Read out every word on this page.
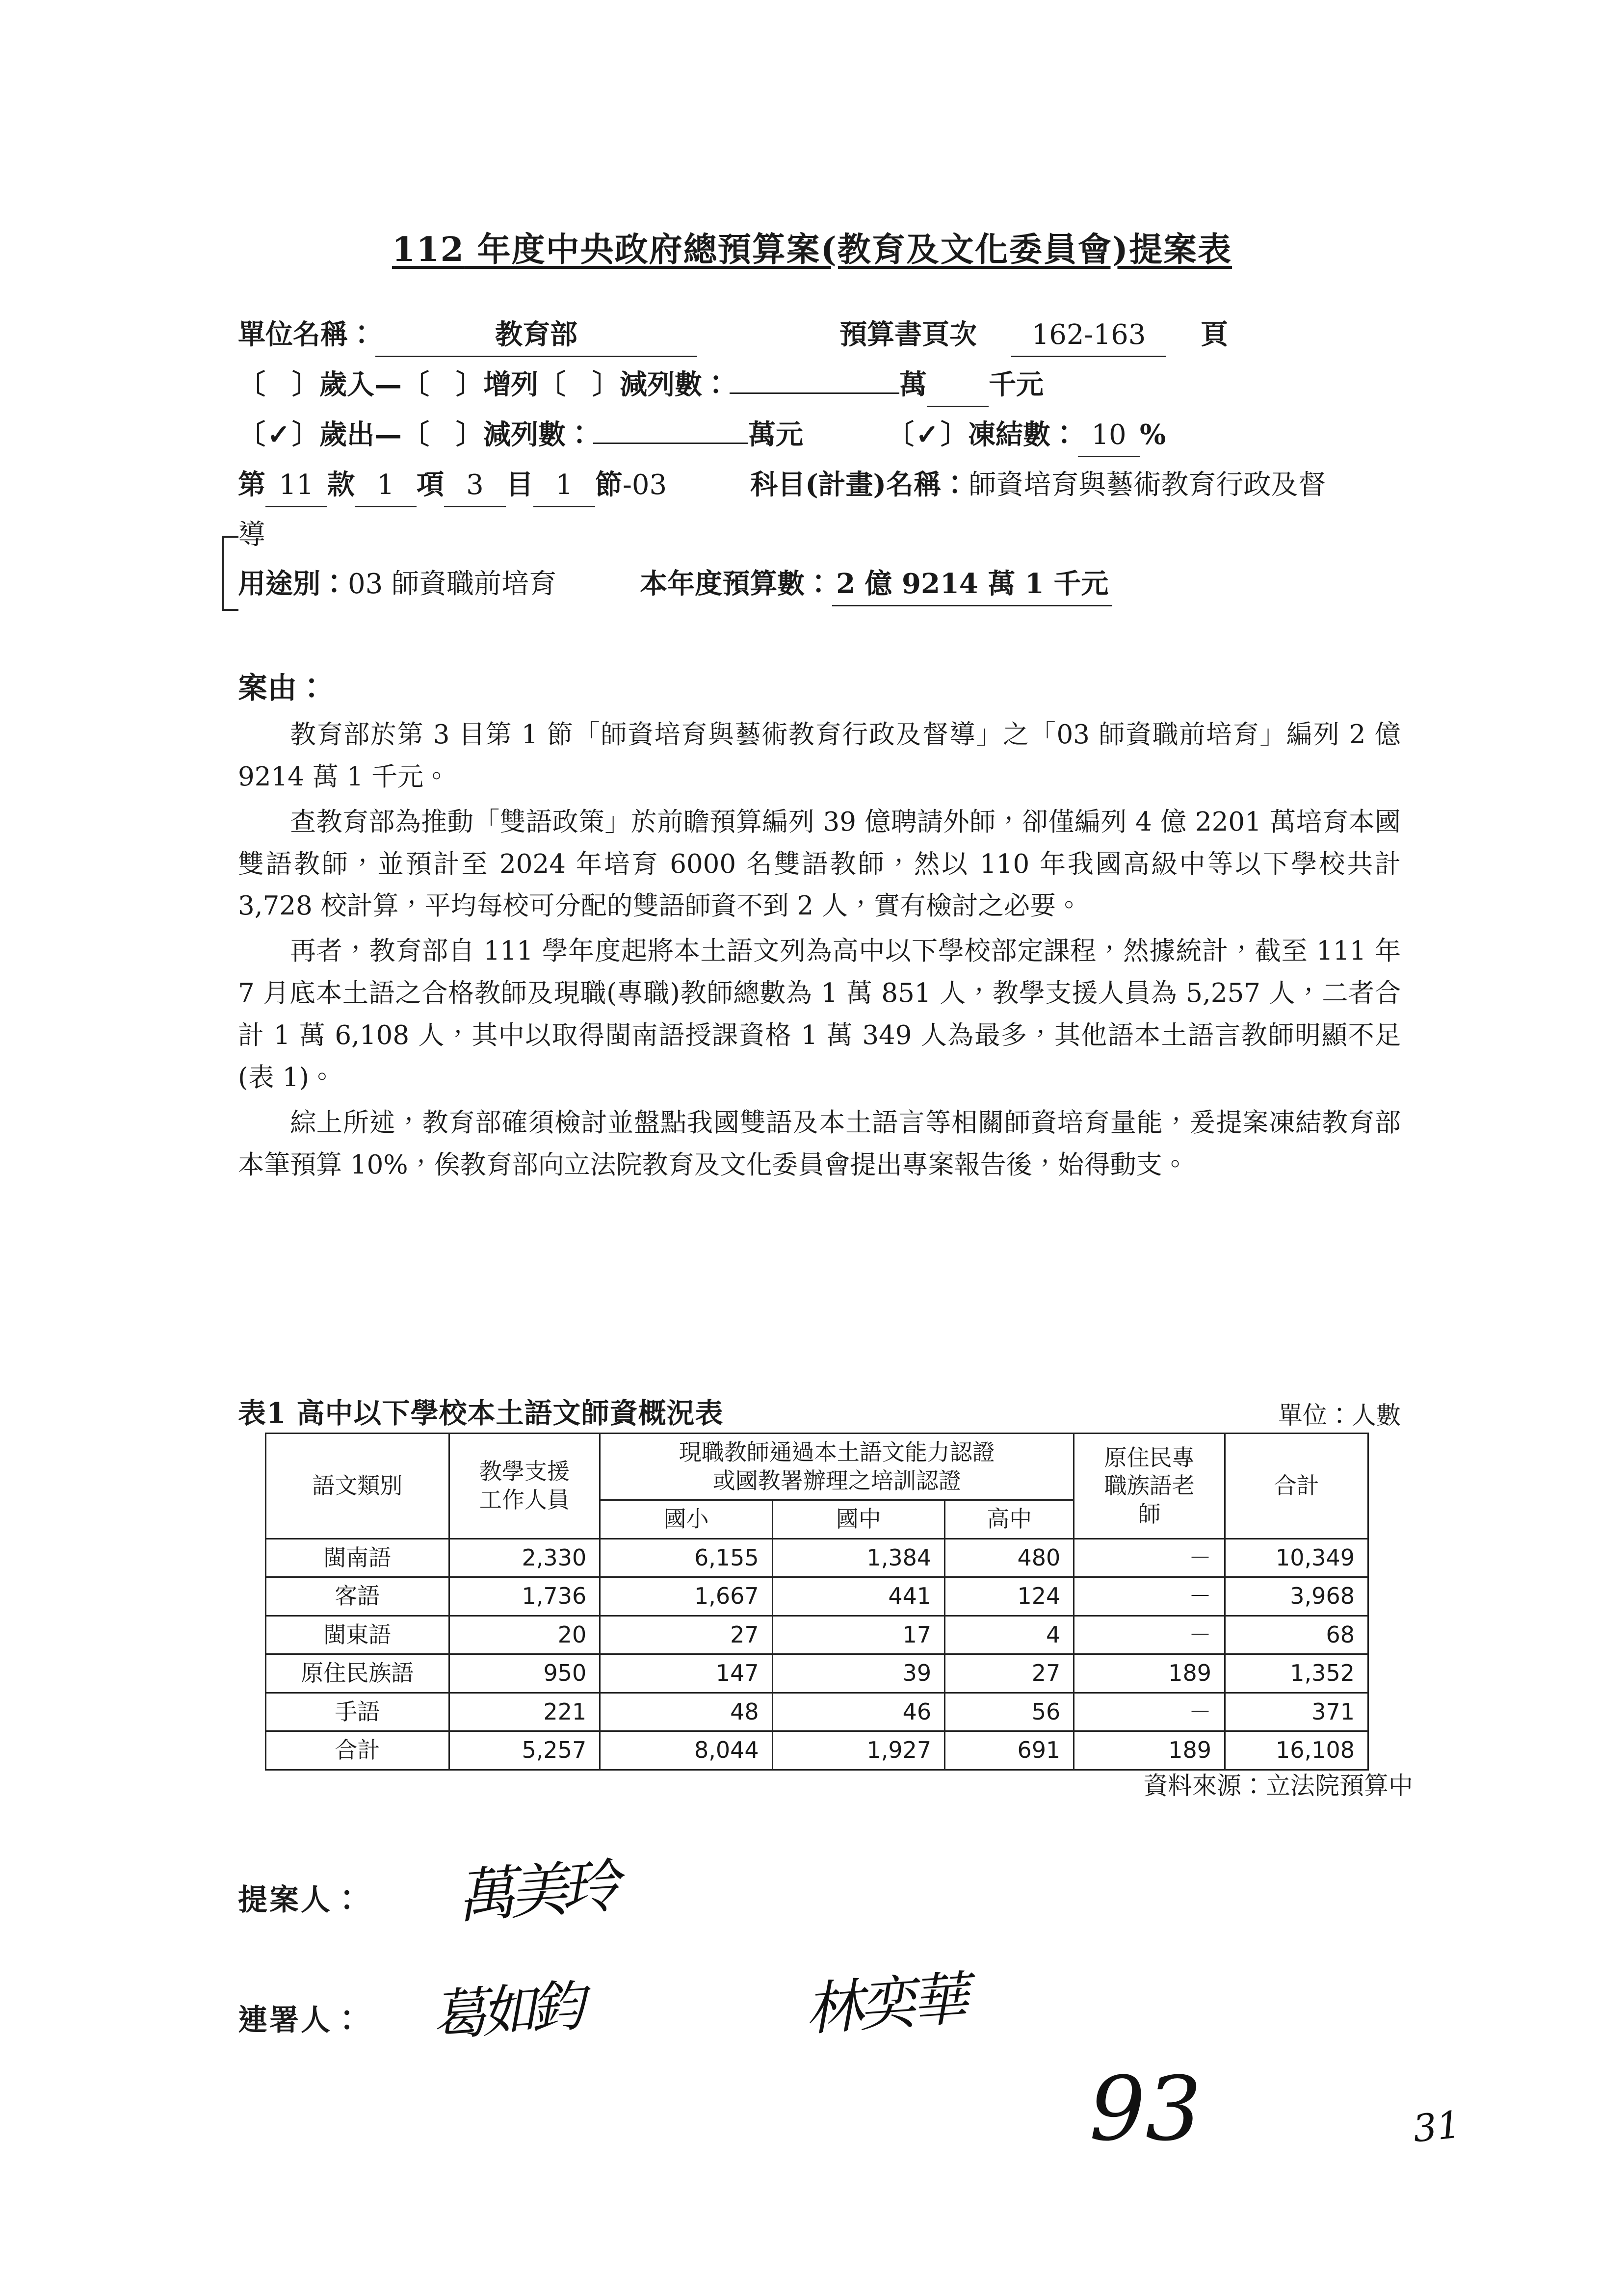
112 年度中央政府總預算案(教育及文化委員會)提案表
單位名稱：	教育部	預算書頁次	162-163	頁
〔 〕歲入—〔 〕增列〔 〕減列數：	萬
千元
〔 ✓ 〕 歲出— 〔 〕 減列數：	萬元	〔 ✓ 〕 凍結數： 10 %
第 11 款 1 項 3 目 1 節 -03	科目(計畫)名稱： 師資培育與藝術教育行政及督
導
用途別： 03 師資職前培育	本年度預算數： 2 億 9214 萬 1 千元
案由：

教育部於第 3 目第 1 節「師資培育與藝術教育行政及督導」之「03 師資職前培育」編列 2 億 9214 萬 1 千元。

查教育部為推動「雙語政策」於前瞻預算編列 39 億聘請外師，卻僅編列 4 億 2201 萬培育本國雙語教師，並預計至 2024 年培育 6000 名雙語教師，然以 110 年我國高級中等以下學校共計 3,728 校計算，平均每校可分配的雙語師資不到 2 人，實有檢討之必要。

再者，教育部自 111 學年度起將本土語文列為高中以下學校部定課程，然據統計，截至 111 年 7 月底本土語之合格教師及現職(專職)教師總數為 1 萬 851 人，教學支援人員為 5,257 人，二者合計 1 萬 6,108 人，其中以取得閩南語授課資格 1 萬 349 人為最多，其他語本土語言教師明顯不足(表 1)。

綜上所述，教育部確須檢討並盤點我國雙語及本土語言等相關師資培育量能，爰提案凍結教育部本筆預算 10%，俟教育部向立法院教育及文化委員會提出專案報告後，始得動支。

表1 高中以下學校本土語文師資概況表	單位：人數
語文類別	教學支援
工作人員	現職教師通過本土語文能力認證
或國教署辦理之培訓認證			原住民專
職族語老
師	合計
		國小	國中	高中		
閩南語	2,330	6,155	1,384	480	－	10,349
客語	1,736	1,667	441	124	－	3,968
閩東語	20	27	17	4	－	68
原住民族語	950	147	39	27	189	1,352
手語	221	48	46	56	－	371
合計	5,257	8,044	1,927	691	189	16,108
資料來源：立法院預算中
提案人： 萬美玲
連署人： 葛如鈞	林奕華
93	31
